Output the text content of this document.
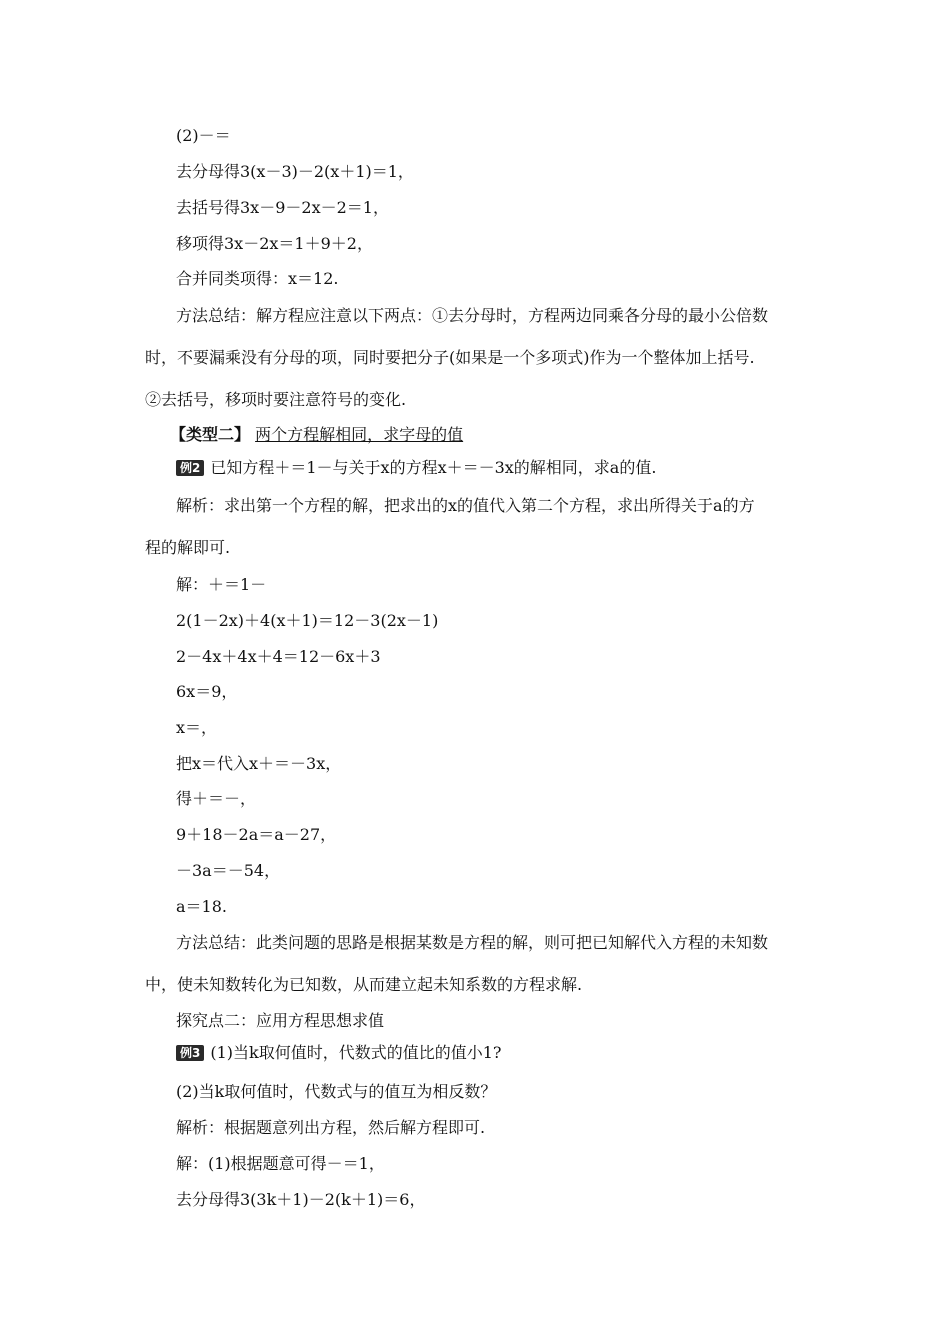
(2)－＝
去分母得3(x－3)－2(x＋1)＝1，
去括号得3x－9－2x－2＝1，
移项得3x－2x＝1＋9＋2，
合并同类项得：x＝12.
方法总结：解方程应注意以下两点：①去分母时，方程两边同乘各分母的最小公倍数
时，不要漏乘没有分母的项，同时要把分子(如果是一个多项式)作为一个整体加上括号.
②去括号，移项时要注意符号的变化.
【类型二】 两个方程解相同，求字母的值
例2 已知方程＋＝1－与关于x的方程x＋＝－3x的解相同，求a的值.
解析：求出第一个方程的解，把求出的x的值代入第二个方程，求出所得关于a的方
程的解即可.
解：＋＝1－
2(1－2x)＋4(x＋1)＝12－3(2x－1)
2－4x＋4x＋4＝12－6x＋3
6x＝9，
x＝，
把x＝代入x＋＝－3x，
得＋＝－，
9＋18－2a＝a－27，
－3a＝－54，
a＝18.
方法总结：此类问题的思路是根据某数是方程的解，则可把已知解代入方程的未知数
中，使未知数转化为已知数，从而建立起未知系数的方程求解.
探究点二：应用方程思想求值
例3 (1)当k取何值时，代数式的值比的值小1?
(2)当k取何值时，代数式与的值互为相反数？
解析：根据题意列出方程，然后解方程即可.
解：(1)根据题意可得－＝1，
去分母得3(3k＋1)－2(k＋1)＝6，
